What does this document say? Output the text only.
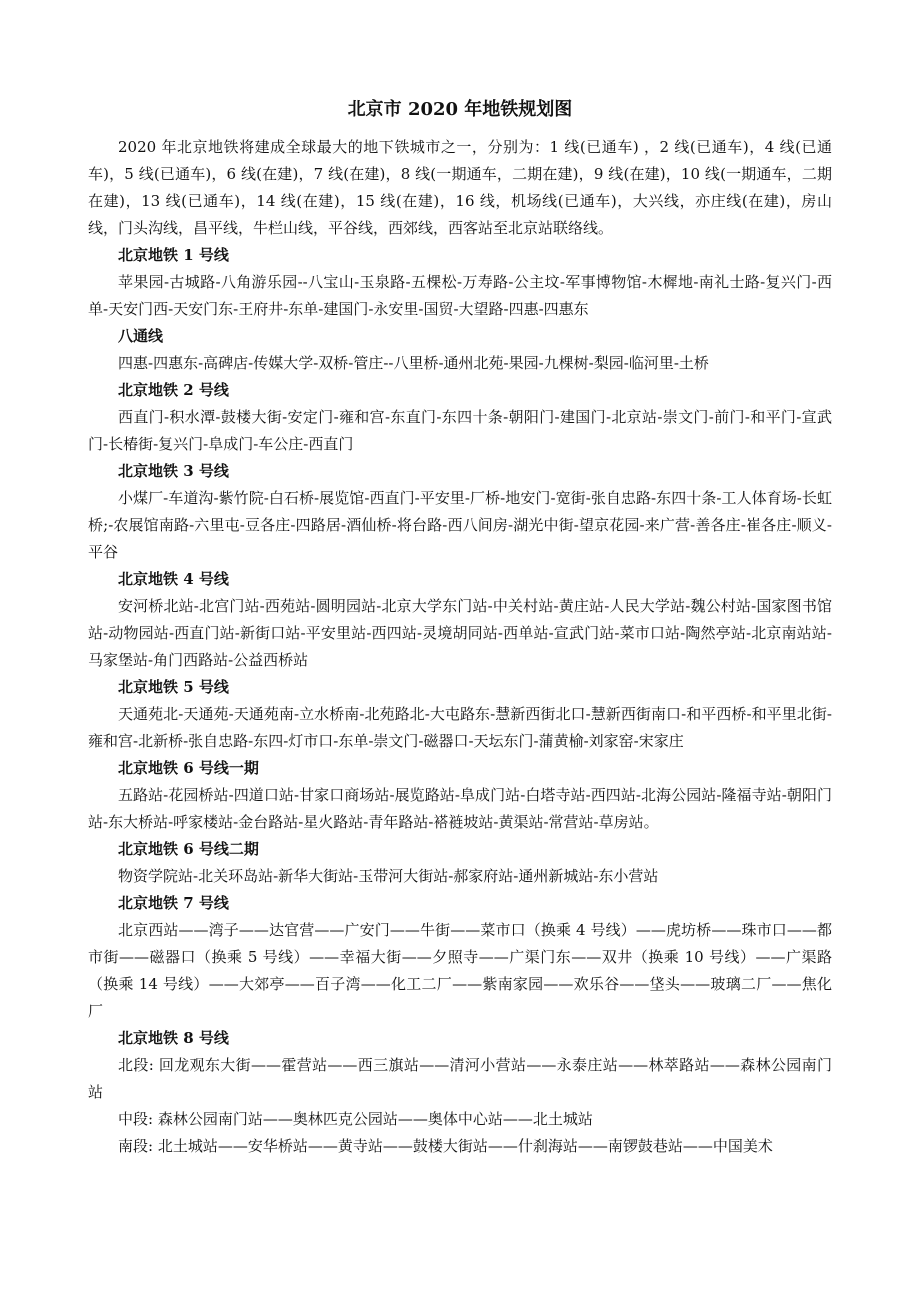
北京市 2020 年地铁规划图

2020 年北京地铁将建成全球最大的地下铁城市之一，分别为：1 线(已通车) ，2 线(已通车)，4 线(已通车)，5 线(已通车)，6 线(在建)，7 线(在建)，8 线(一期通车，二期在建)，9 线(在建)，10 线(一期通车，二期在建)，13 线(已通车)，14 线(在建)，15 线(在建)，16 线，机场线(已通车)，大兴线，亦庄线(在建)，房山线，门头沟线，昌平线，牛栏山线，平谷线，西郊线，西客站至北京站联络线。

北京地铁 1 号线

苹果园-古城路-八角游乐园--八宝山-玉泉路-五棵松-万寿路-公主坟-军事博物馆-木樨地-南礼士路-复兴门-西单-天安门西-天安门东-王府井-东单-建国门-永安里-国贸-大望路-四惠-四惠东

八通线

四惠-四惠东-高碑店-传媒大学-双桥-管庄--八里桥-通州北苑-果园-九棵树-梨园-临河里-土桥

北京地铁 2 号线

西直门-积水潭-鼓楼大街-安定门-雍和宫-东直门-东四十条-朝阳门-建国门-北京站-崇文门-前门-和平门-宣武门-长椿街-复兴门-阜成门-车公庄-西直门

北京地铁 3 号线

小煤厂-车道沟-紫竹院-白石桥-展览馆-西直门-平安里-厂桥-地安门-宽街-张自忠路-东四十条-工人体育场-长虹桥;-农展馆南路-六里屯-豆各庄-四路居-酒仙桥-将台路-西八间房-湖光中街-望京花园-来广营-善各庄-崔各庄-顺义-平谷

北京地铁 4 号线

安河桥北站-北宫门站-西苑站-圆明园站-北京大学东门站-中关村站-黄庄站-人民大学站-魏公村站-国家图书馆站-动物园站-西直门站-新街口站-平安里站-西四站-灵境胡同站-西单站-宣武门站-菜市口站-陶然亭站-北京南站站-马家堡站-角门西路站-公益西桥站

北京地铁 5 号线

天通苑北-天通苑-天通苑南-立水桥南-北苑路北-大屯路东-慧新西街北口-慧新西街南口-和平西桥-和平里北街-雍和宫-北新桥-张自忠路-东四-灯市口-东单-崇文门-磁器口-天坛东门-蒲黄榆-刘家窑-宋家庄

北京地铁 6 号线一期

五路站-花园桥站-四道口站-甘家口商场站-展览路站-阜成门站-白塔寺站-西四站-北海公园站-隆福寺站-朝阳门站-东大桥站-呼家楼站-金台路站-星火路站-青年路站-褡裢坡站-黄渠站-常营站-草房站。

北京地铁 6 号线二期

物资学院站-北关环岛站-新华大街站-玉带河大街站-郝家府站-通州新城站-东小营站

北京地铁 7 号线

北京西站——湾子——达官营——广安门——牛街——菜市口（换乘 4 号线）——虎坊桥——珠市口——都市街——磁器口（换乘 5 号线）——幸福大街——夕照寺——广渠门东——双井（换乘 10 号线）——广渠路（换乘 14 号线）——大郊亭——百子湾——化工二厂——紫南家园——欢乐谷——垡头——玻璃二厂——焦化厂

北京地铁 8 号线

北段: 回龙观东大街——霍营站——西三旗站——清河小营站——永泰庄站——林萃路站——森林公园南门站

中段: 森林公园南门站——奥林匹克公园站——奥体中心站——北土城站

南段: 北土城站——安华桥站——黄寺站——鼓楼大街站——什刹海站——南锣鼓巷站——中国美术
